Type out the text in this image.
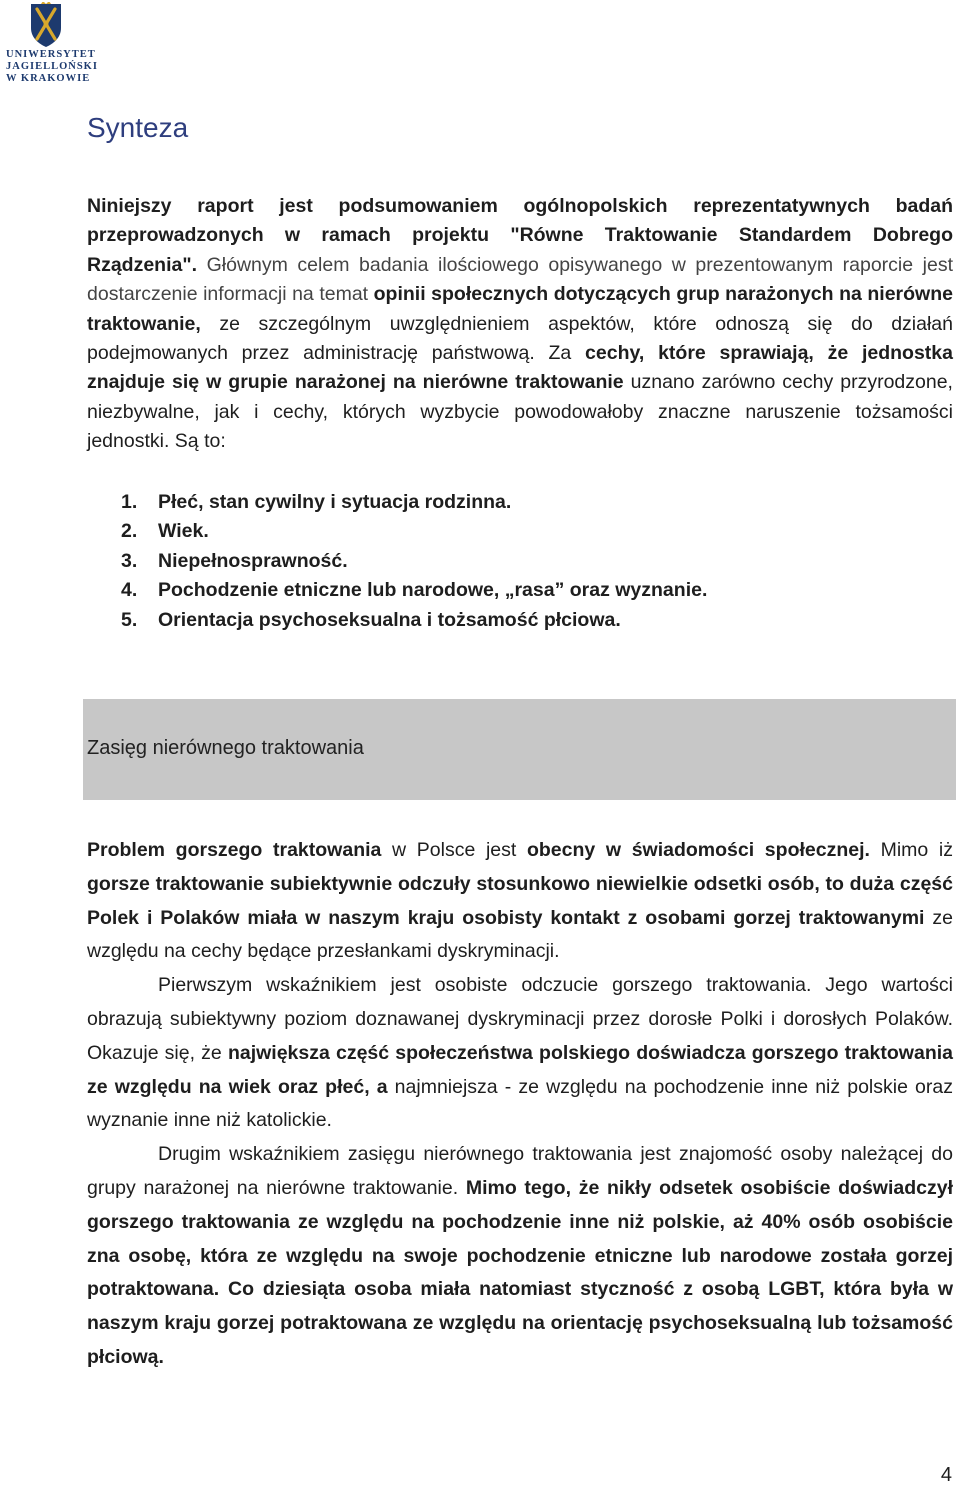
UNIWERSYTET
JAGIELLOŃSKI
W KRAKOWIE
Synteza

Niniejszy raport jest podsumowaniem ogólnopolskich reprezentatywnych badań przeprowadzonych w ramach projektu "Równe Traktowanie Standardem Dobrego Rządzenia". Głównym celem badania ilościowego opisywanego w prezentowanym raporcie jest dostarczenie informacji na temat opinii społecznych dotyczących grup narażonych na nierówne traktowanie, ze szczególnym uwzględnieniem aspektów, które odnoszą się do działań podejmowanych przez administrację państwową. Za cechy, które sprawiają, że jednostka znajduje się w grupie narażonej na nierówne traktowanie uznano zarówno cechy przyrodzone, niezbywalne, jak i cechy, których wyzbycie powodowałoby znaczne naruszenie tożsamości jednostki. Są to:

1.	Płeć, stan cywilny i sytuacja rodzinna.
2.	Wiek.
3.	Niepełnosprawność.
4.	Pochodzenie etniczne lub narodowe, „rasa” oraz wyznanie.
5.	Orientacja psychoseksualna i tożsamość płciowa.
Zasięg nierównego traktowania

Problem gorszego traktowania w Polsce jest obecny w świadomości społecznej. Mimo iż gorsze traktowanie subiektywnie odczuły stosunkowo niewielkie odsetki osób, to duża część Polek i Polaków miała w naszym kraju osobisty kontakt z osobami gorzej traktowanymi ze względu na cechy będące przesłankami dyskryminacji.

Pierwszym wskaźnikiem jest osobiste odczucie gorszego traktowania. Jego wartości obrazują subiektywny poziom doznawanej dyskryminacji przez dorosłe Polki i dorosłych Polaków. Okazuje się, że największa część społeczeństwa polskiego doświadcza gorszego traktowania ze względu na wiek oraz płeć, a najmniejsza - ze względu na pochodzenie inne niż polskie oraz wyznanie inne niż katolickie.

Drugim wskaźnikiem zasięgu nierównego traktowania jest znajomość osoby należącej do grupy narażonej na nierówne traktowanie. Mimo tego, że nikły odsetek osobiście doświadczył gorszego traktowania ze względu na pochodzenie inne niż polskie, aż 40% osób osobiście zna osobę, która ze względu na swoje pochodzenie etniczne lub narodowe została gorzej potraktowana. Co dziesiąta osoba miała natomiast styczność z osobą LGBT, która była w naszym kraju gorzej potraktowana ze względu na orientację psychoseksualną lub tożsamość płciową.

4
